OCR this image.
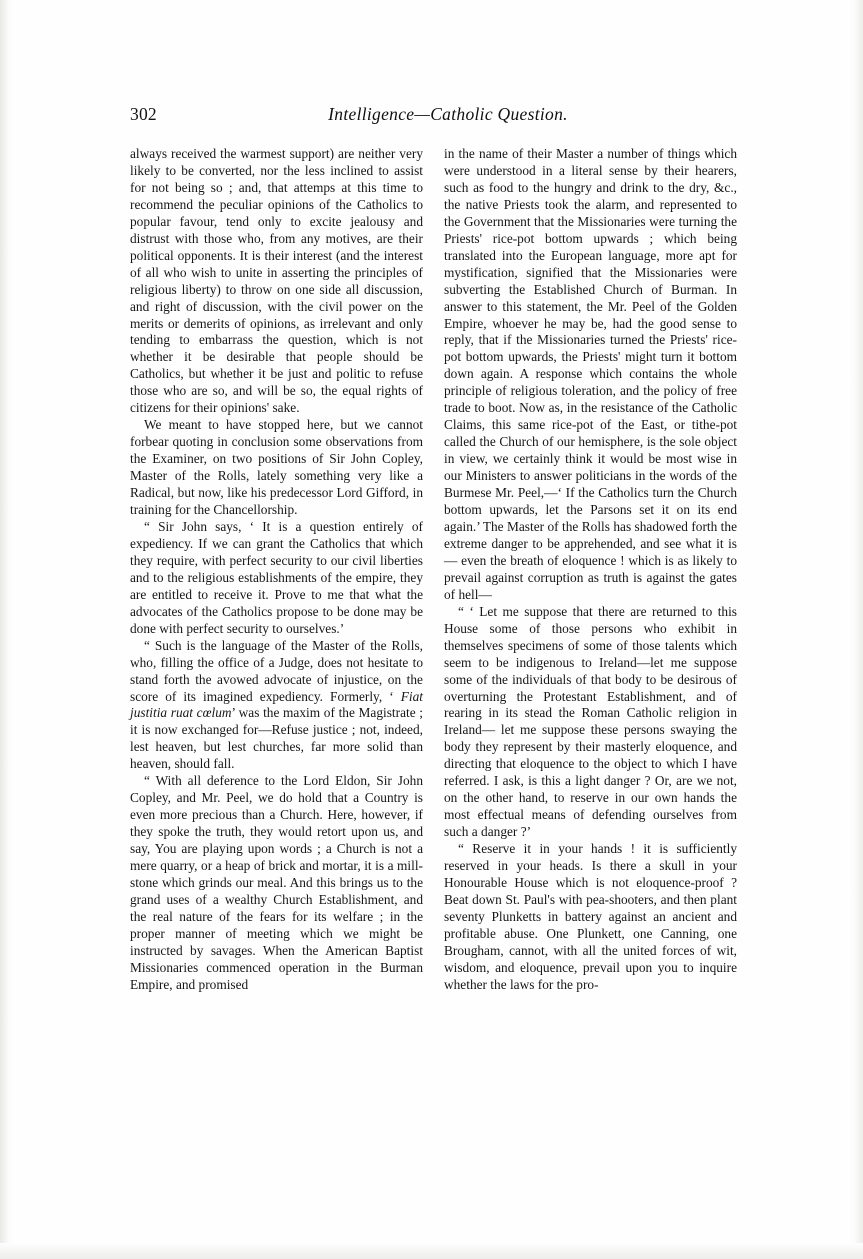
302	Intelligence—Catholic Question.

always received the warmest support) are neither very likely to be converted, nor the less inclined to assist for not being so ; and, that attemps at this time to recommend the peculiar opinions of the Catholics to popular favour, tend only to excite jealousy and distrust with those who, from any motives, are their political opponents. It is their interest (and the interest of all who wish to unite in asserting the principles of religious liberty) to throw on one side all discussion, and right of discussion, with the civil power on the merits or demerits of opinions, as irrelevant and only tending to embarrass the question, which is not whether it be desirable that people should be Catholics, but whether it be just and politic to refuse those who are so, and will be so, the equal rights of citizens for their opinions' sake.

We meant to have stopped here, but we cannot forbear quoting in conclusion some observations from the Examiner, on two positions of Sir John Copley, Master of the Rolls, lately something very like a Radical, but now, like his predecessor Lord Gifford, in training for the Chancellorship.

“ Sir John says, ‘ It is a question entirely of expediency. If we can grant the Catholics that which they require, with perfect security to our civil liberties and to the religious establishments of the empire, they are entitled to receive it. Prove to me that what the advocates of the Catholics propose to be done may be done with perfect security to ourselves.’

“ Such is the language of the Master of the Rolls, who, filling the office of a Judge, does not hesitate to stand forth the avowed advocate of injustice, on the score of its imagined expediency. Formerly, ‘ Fiat justitia ruat cœlum’ was the maxim of the Magistrate ; it is now exchanged for—Refuse justice ; not, indeed, lest heaven, but lest churches, far more solid than heaven, should fall.

“ With all deference to the Lord Eldon, Sir John Copley, and Mr. Peel, we do hold that a Country is even more precious than a Church. Here, however, if they spoke the truth, they would retort upon us, and say, You are playing upon words ; a Church is not a mere quarry, or a heap of brick and mortar, it is a mill-stone which grinds our meal. And this brings us to the grand uses of a wealthy Church Establishment, and the real nature of the fears for its welfare ; in the proper manner of meeting which we might be instructed by savages. When the American Baptist Missionaries commenced operation in the Burman Empire, and promised

in the name of their Master a number of things which were understood in a literal sense by their hearers, such as food to the hungry and drink to the dry, &c., the native Priests took the alarm, and represented to the Government that the Missionaries were turning the Priests' rice-pot bottom upwards ; which being translated into the European language, more apt for mystification, signified that the Missionaries were subverting the Established Church of Burman. In answer to this statement, the Mr. Peel of the Golden Empire, whoever he may be, had the good sense to reply, that if the Missionaries turned the Priests' rice-pot bottom upwards, the Priests' might turn it bottom down again. A response which contains the whole principle of religious toleration, and the policy of free trade to boot. Now as, in the resistance of the Catholic Claims, this same rice-pot of the East, or tithe-pot called the Church of our hemisphere, is the sole object in view, we certainly think it would be most wise in our Ministers to answer politicians in the words of the Burmese Mr. Peel,—‘ If the Catholics turn the Church bottom upwards, let the Parsons set it on its end again.’ The Master of the Rolls has shadowed forth the extreme danger to be apprehended, and see what it is— even the breath of eloquence ! which is as likely to prevail against corruption as truth is against the gates of hell—

“ ‘ Let me suppose that there are returned to this House some of those persons who exhibit in themselves specimens of some of those talents which seem to be indigenous to Ireland—let me suppose some of the individuals of that body to be desirous of overturning the Protestant Establishment, and of rearing in its stead the Roman Catholic religion in Ireland— let me suppose these persons swaying the body they represent by their masterly eloquence, and directing that eloquence to the object to which I have referred. I ask, is this a light danger ? Or, are we not, on the other hand, to reserve in our own hands the most effectual means of defending ourselves from such a danger ?’

“ Reserve it in your hands ! it is sufficiently reserved in your heads. Is there a skull in your Honourable House which is not eloquence-proof ? Beat down St. Paul's with pea-shooters, and then plant seventy Plunketts in battery against an ancient and profitable abuse. One Plunkett, one Canning, one Brougham, cannot, with all the united forces of wit, wisdom, and eloquence, prevail upon you to inquire whether the laws for the pro-
